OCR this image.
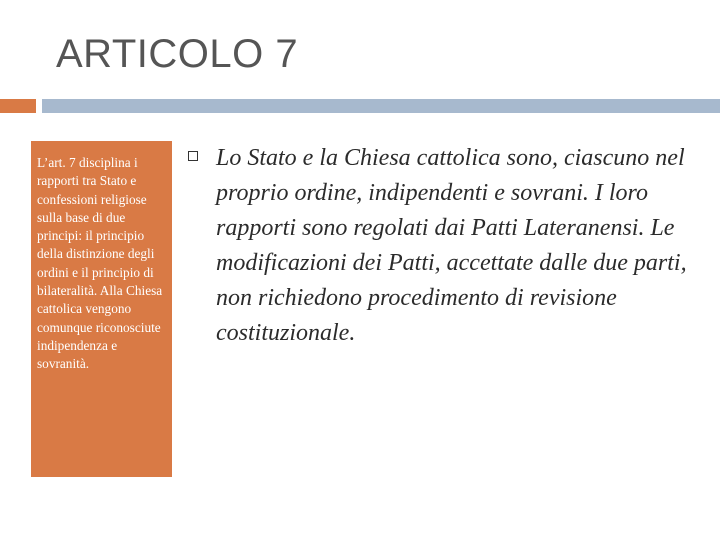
ARTICOLO 7
L’art. 7 disciplina i rapporti tra Stato e confessioni religiose sulla base di due principi: il principio della distinzione degli ordini e il principio di bilateralità. Alla Chiesa cattolica vengono comunque riconosciute indipendenza e sovranità.
Lo Stato e la Chiesa cattolica sono, ciascuno nel proprio ordine, indipendenti e sovrani. I loro rapporti sono regolati dai Patti Lateranensi. Le modificazioni dei Patti, accettate dalle due parti, non richiedono procedimento di revisione costituzionale.
